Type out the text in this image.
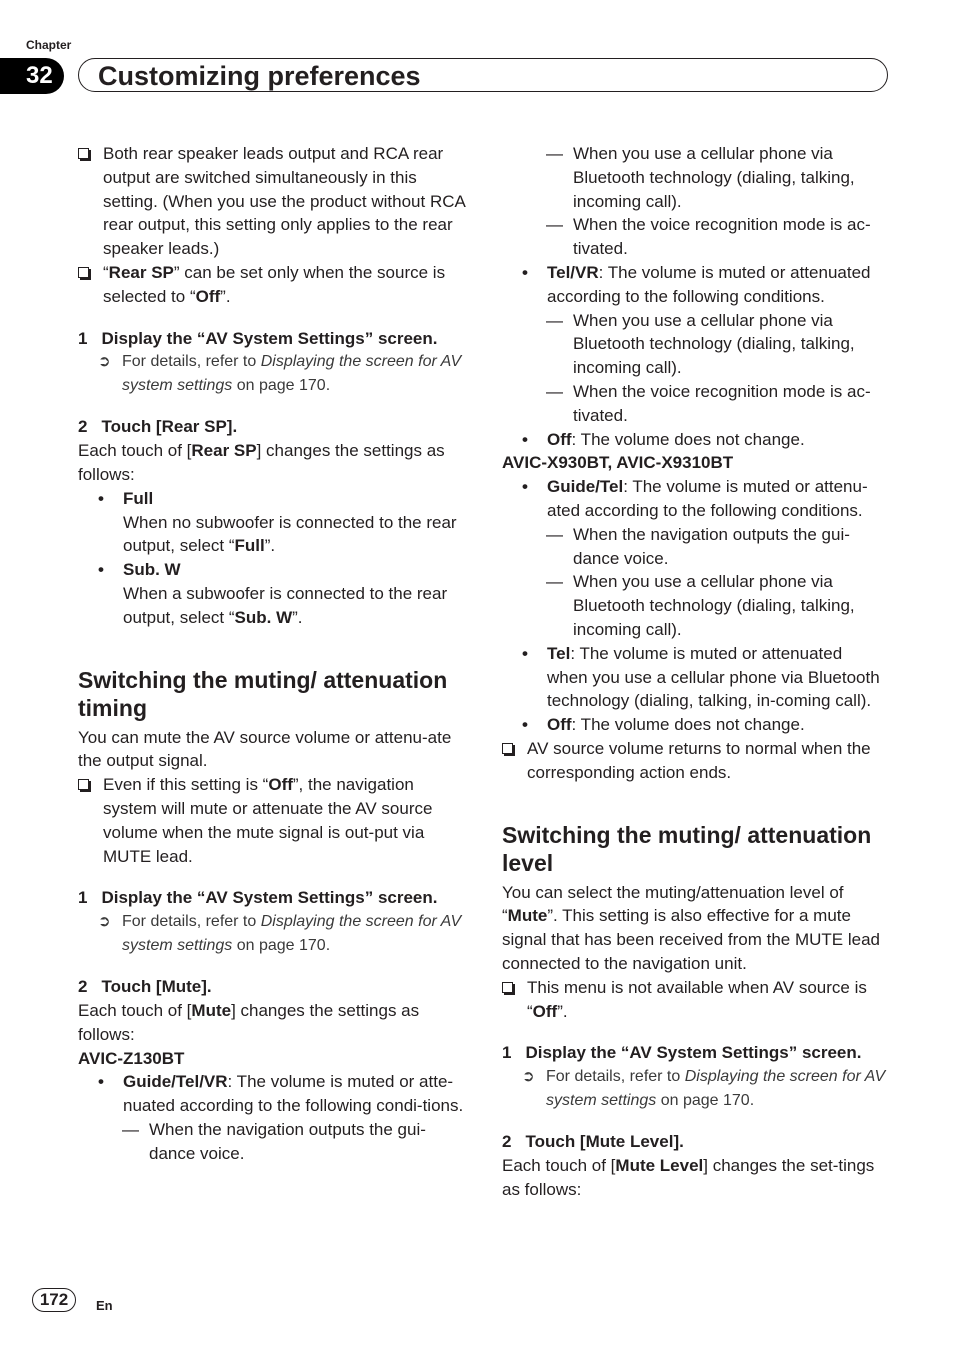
Chapter
32	Customizing preferences

Both rear speaker leads output and RCA rear output are switched simultaneously in this setting. (When you use the product without RCA rear output, this setting only applies to the rear speaker leads.)

“Rear SP” can be set only when the source is selected to “Off”.

1 Display the “AV System Settings” screen.

➲ For details, refer to Displaying the screen for AV system settings on page 170.

2 Touch [Rear SP].

Each touch of [Rear SP] changes the settings as follows:

• Full

When no subwoofer is connected to the rear output, select “Full”.

• Sub. W

When a subwoofer is connected to the rear output, select “Sub. W”.

Switching the muting/ attenuation timing

You can mute the AV source volume or attenu-ate the output signal.

Even if this setting is “Off”, the navigation system will mute or attenuate the AV source volume when the mute signal is out-put via MUTE lead.

1 Display the “AV System Settings” screen.

➲ For details, refer to Displaying the screen for AV system settings on page 170.

2 Touch [Mute].

Each touch of [Mute] changes the settings as follows:

AVIC-Z130BT

• Guide/Tel/VR: The volume is muted or atte-nuated according to the following condi-tions.

— When the navigation outputs the gui-dance voice.

— When you use a cellular phone via Bluetooth technology (dialing, talking, incoming call).

— When the voice recognition mode is ac-tivated.

• Tel/VR: The volume is muted or attenuated according to the following conditions.

— When you use a cellular phone via Bluetooth technology (dialing, talking, incoming call).

— When the voice recognition mode is ac-tivated.

• Off: The volume does not change.

AVIC-X930BT, AVIC-X9310BT

• Guide/Tel: The volume is muted or attenu-ated according to the following conditions.

— When the navigation outputs the gui-dance voice.

— When you use a cellular phone via Bluetooth technology (dialing, talking, incoming call).

• Tel: The volume is muted or attenuated when you use a cellular phone via Bluetooth technology (dialing, talking, in-coming call).

• Off: The volume does not change.

AV source volume returns to normal when the corresponding action ends.

Switching the muting/ attenuation level

You can select the muting/attenuation level of “Mute”. This setting is also effective for a mute signal that has been received from the MUTE lead connected to the navigation unit.

This menu is not available when AV source is “Off”.

1 Display the “AV System Settings” screen.

➲ For details, refer to Displaying the screen for AV system settings on page 170.

2 Touch [Mute Level].

Each touch of [Mute Level] changes the set-tings as follows:

172	En
